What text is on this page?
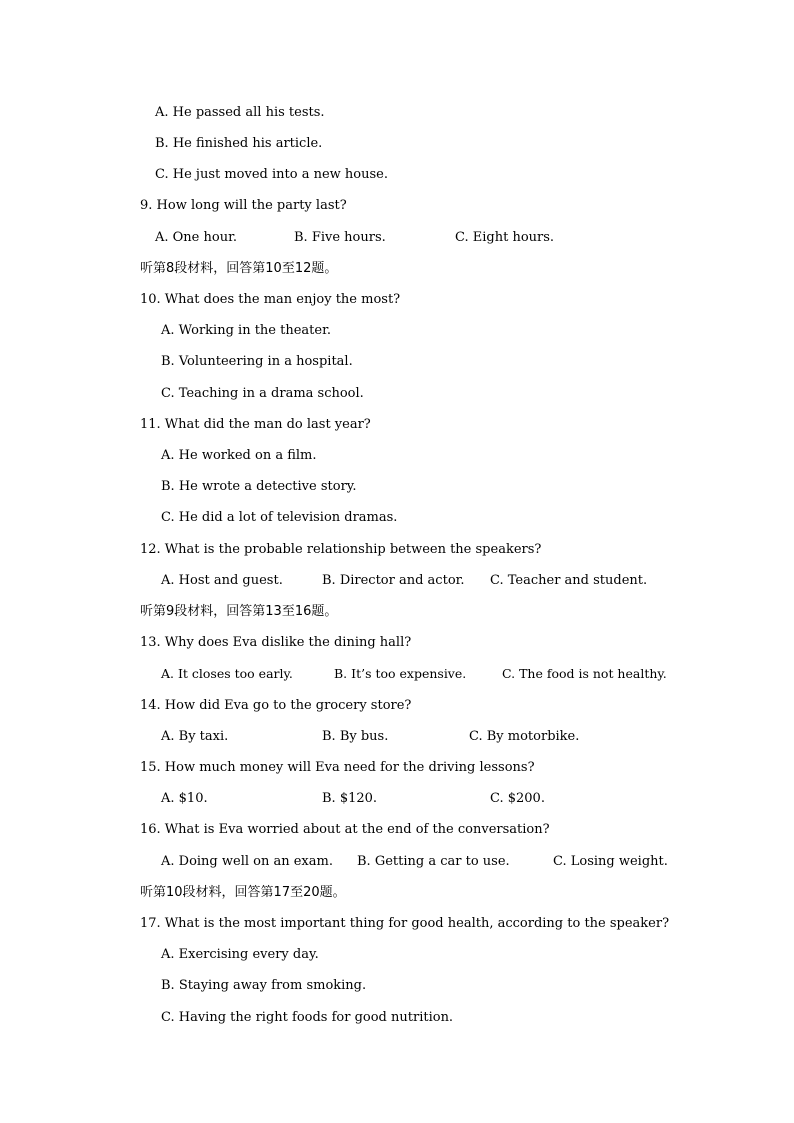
A. He passed all his tests.
B. He finished his article.
C. He just moved into a new house.
9. How long will the party last?
A. One hour.	B. Five hours.	C. Eight hours.
听第8段材料，回答第10至12题。
10. What does the man enjoy the most?
A. Working in the theater.
B. Volunteering in a hospital.
C. Teaching in a drama school.
11. What did the man do last year?
A. He worked on a film.
B. He wrote a detective story.
C. He did a lot of television dramas.
12. What is the probable relationship between the speakers?
A. Host and guest.	B. Director and actor. C. Teacher and student.
听第9段材料，回答第13至16题。
13. Why does Eva dislike the dining hall?
A. It closes too early.	B. It’s too expensive.	C. The food is not healthy.
14. How did Eva go to the grocery store?
A. By taxi.	B. By bus.	C. By motorbike.
15. How much money will Eva need for the driving lessons?
A. $10.	B. $120.	C. $200.
16. What is Eva worried about at the end of the conversation?
A. Doing well on an exam. B. Getting a car to use.	C. Losing weight.
听第10段材料，回答第17至20题。
17. What is the most important thing for good health, according to the speaker?
A. Exercising every day.
B. Staying away from smoking.
C. Having the right foods for good nutrition.
